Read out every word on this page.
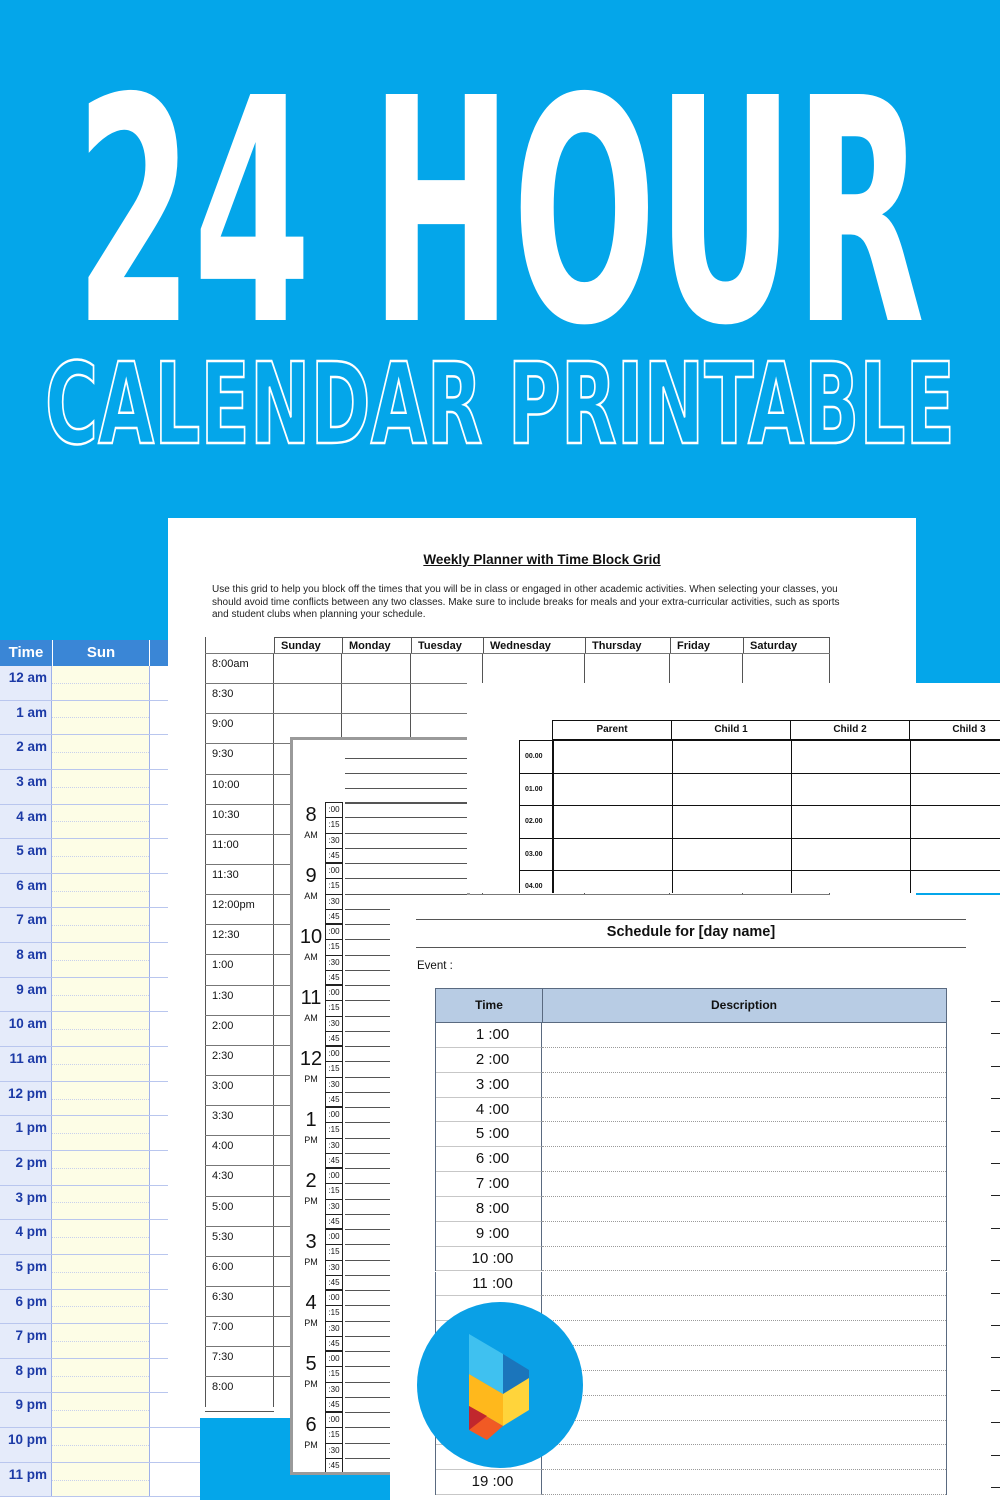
24 HOUR
CALENDAR PRINTABLE
Time	Sun
12 am
1 am
2 am
3 am
4 am
5 am
6 am
7 am
8 am
9 am
10 am
11 am
12 pm
1 pm
2 pm
3 pm
4 pm
5 pm
6 pm
7 pm
8 pm
9 pm
10 pm
11 pm
Weekly Planner with Time Block Grid
Use this grid to help you block off the times that you will be in class or engaged in other academic activities. When selecting your classes, you should avoid time conflicts between any two classes. Make sure to include breaks for meals and your extra-curricular activities, such as sports and student clubs when planning your schedule.
Sunday	Monday	Tuesday	Wednesday	Thursday	Friday	Saturday
8:00am
8:30
9:00
9:30
10:00
10:30
11:00
11:30
12:00pm
12:30
1:00
1:30
2:00
2:30
3:00
3:30
4:00
4:30
5:00
5:30
6:00
6:30
7:00
7:30
8:00
8
AM
:00
:15
:30
:45
9
AM
:00
:15
:30
:45
10
AM
:00
:15
:30
:45
11
AM
:00
:15
:30
:45
12
PM
:00
:15
:30
:45
1
PM
:00
:15
:30
:45
2
PM
:00
:15
:30
:45
3
PM
:00
:15
:30
:45
4
PM
:00
:15
:30
:45
5
PM
:00
:15
:30
:45
6
PM
:00
:15
:30
:45
Parent	Child 1	Child 2	Child 3
00.00
01.00
02.00
03.00
04.00
Schedule for [day name]
Event :
Time	Description
1 :00
2 :00
3 :00
4 :00
5 :00
6 :00
7 :00
8 :00
9 :00
10 :00
11 :00
19 :00
